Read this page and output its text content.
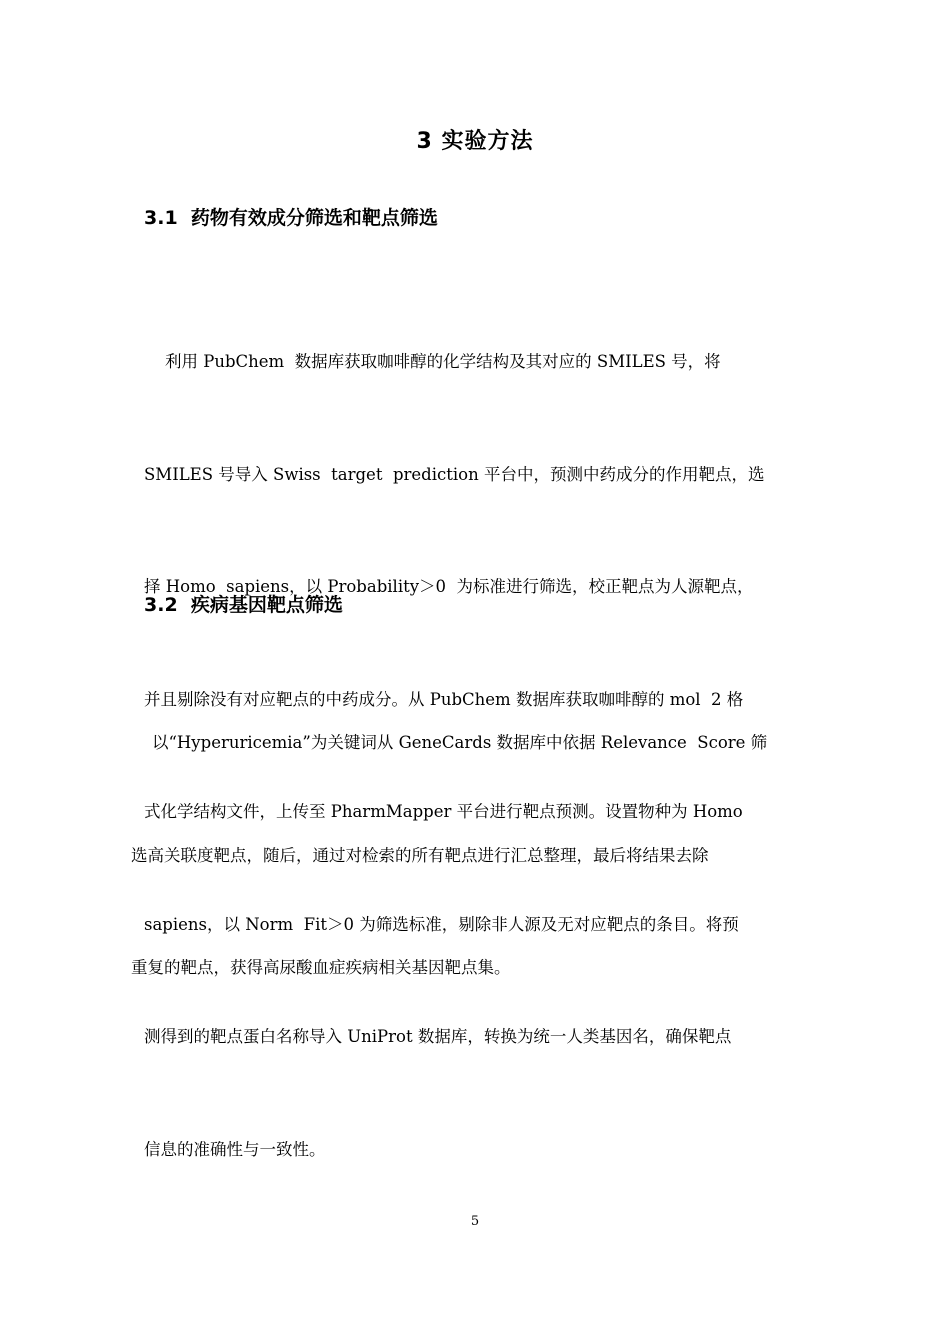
3 实验方法
3.1  药物有效成分筛选和靶点筛选

利用 PubChem  数据库获取咖啡醇的化学结构及其对应的 SMILES 号，将

SMILES 号导入 Swiss  target  prediction 平台中，预测中药成分的作用靶点，选

择 Homo  sapiens，以 Probability＞0  为标准进行筛选，校正靶点为人源靶点，

并且剔除没有对应靶点的中药成分。从 PubChem 数据库获取咖啡醇的 mol  2 格

式化学结构文件，上传至 PharmMapper 平台进行靶点预测。设置物种为 Homo

sapiens，以 Norm  Fit＞0 为筛选标准，剔除非人源及无对应靶点的条目。将预

测得到的靶点蛋白名称导入 UniProt 数据库，转换为统一人类基因名，确保靶点

信息的准确性与一致性。

3.2  疾病基因靶点筛选

以“Hyperuricemia”为关键词从 GeneCards 数据库中依据 Relevance  Score 筛

选高关联度靶点，随后，通过对检索的所有靶点进行汇总整理，最后将结果去除

重复的靶点，获得高尿酸血症疾病相关基因靶点集。

5
